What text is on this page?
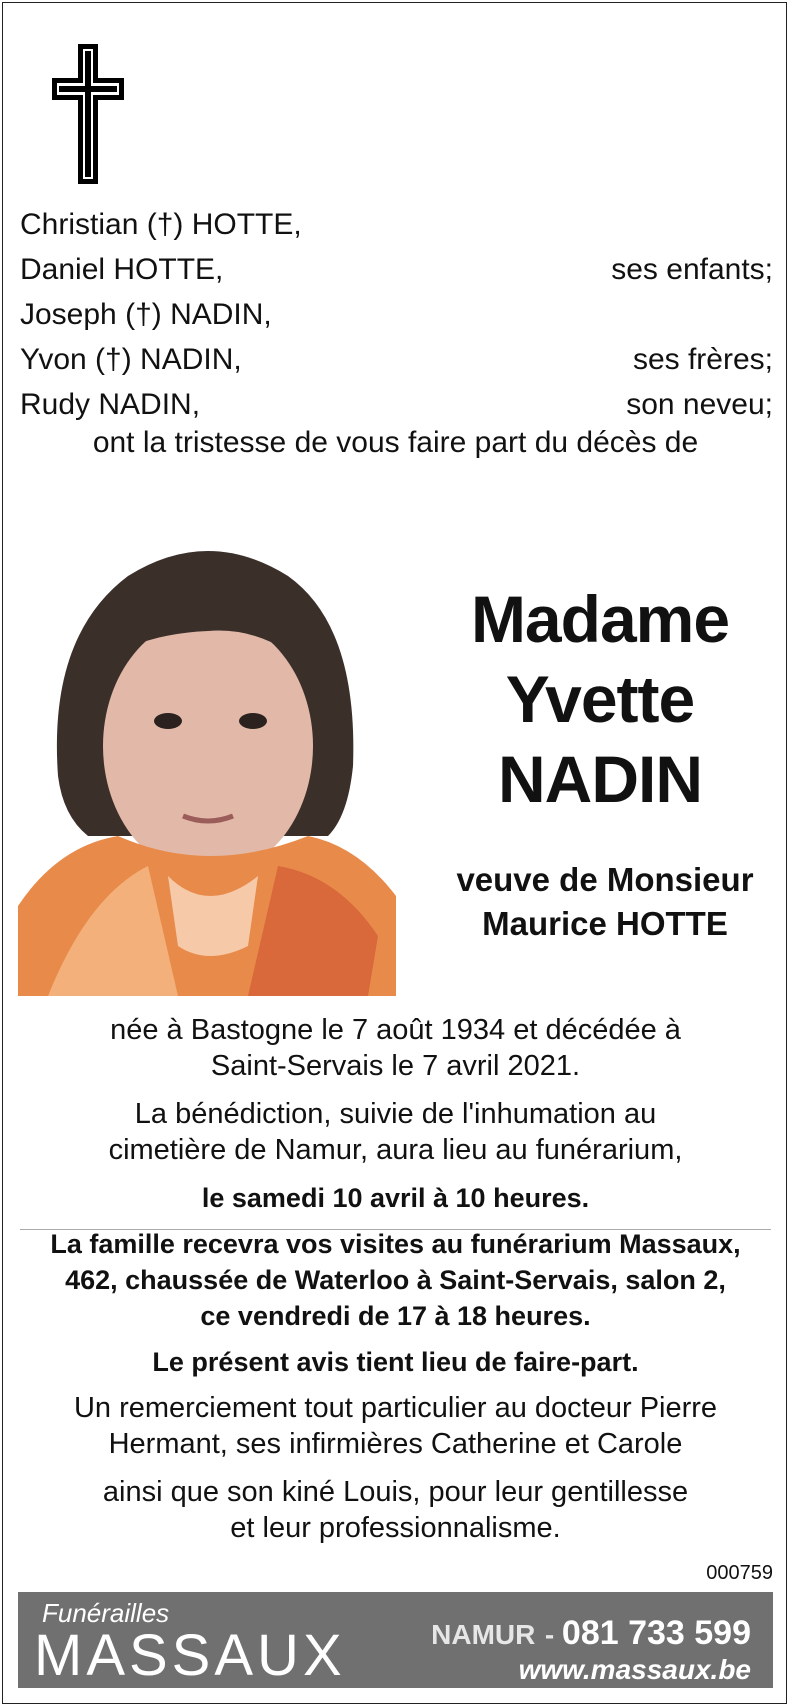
Christian (†) HOTTE,
Daniel HOTTE,	ses enfants;
Joseph (†) NADIN,
Yvon (†) NADIN,	ses frères;
Rudy NADIN,	son neveu;
ont la tristesse de vous faire part du décès de
Madame
Yvette
NADIN
veuve de Monsieur
Maurice HOTTE
née à Bastogne le 7 août 1934 et décédée à
Saint-Servais le 7 avril 2021.
La bénédiction, suivie de l'inhumation au
cimetière de Namur, aura lieu au funérarium,
le samedi 10 avril à 10 heures.
La famille recevra vos visites au funérarium Massaux,
462, chaussée de Waterloo à Saint-Servais, salon 2,
ce vendredi de 17 à 18 heures.
Le présent avis tient lieu de faire-part.
Un remerciement tout particulier au docteur Pierre
Hermant, ses infirmières Catherine et Carole
ainsi que son kiné Louis, pour leur gentillesse
et leur professionnalisme.
000759
Funérailles
MASSAUX	NAMUR - 081 733 599
www.massaux.be
